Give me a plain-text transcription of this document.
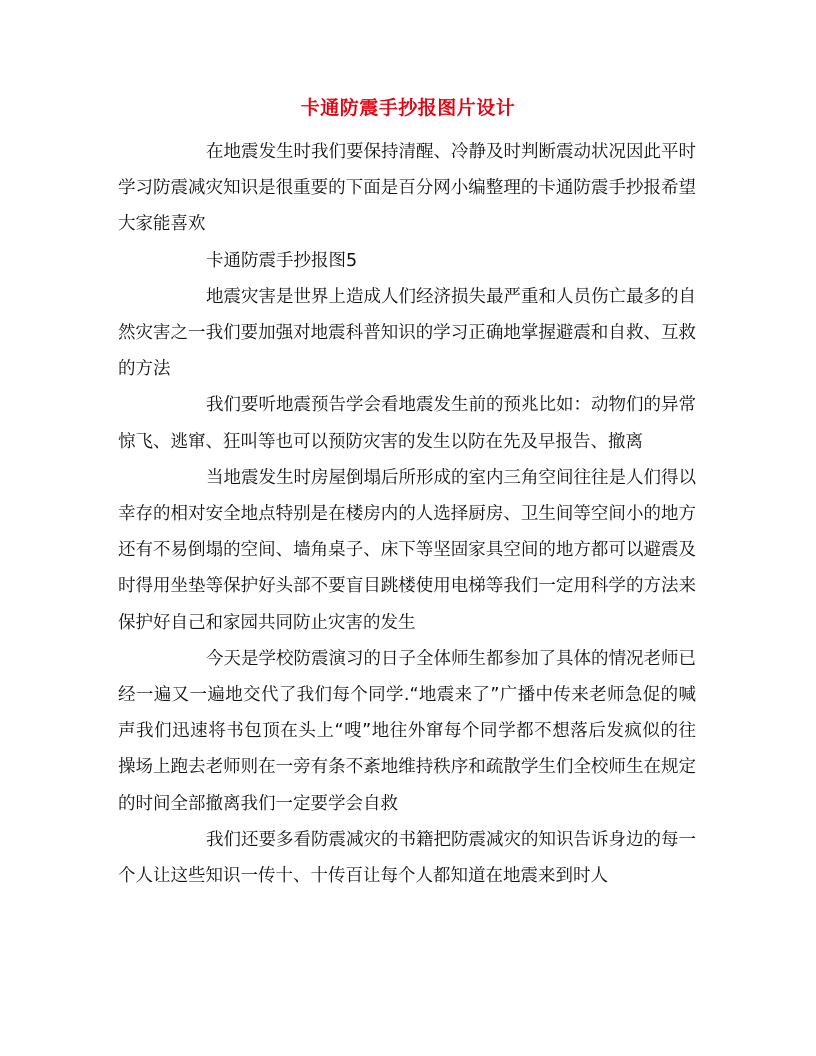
卡通防震手抄报图片设计

在地震发生时我们要保持清醒、冷静及时判断震动状况因此平时学习防震减灾知识是很重要的下面是百分网小编整理的卡通防震手抄报希望大家能喜欢

卡通防震手抄报图5

地震灾害是世界上造成人们经济损失最严重和人员伤亡最多的自然灾害之一我们要加强对地震科普知识的学习正确地掌握避震和自救、互救的方法

我们要听地震预告学会看地震发生前的预兆比如：动物们的异常惊飞、逃窜、狂叫等也可以预防灾害的发生以防在先及早报告、撤离

当地震发生时房屋倒塌后所形成的室内三角空间往往是人们得以幸存的相对安全地点特别是在楼房内的人选择厨房、卫生间等空间小的地方还有不易倒塌的空间、墙角桌子、床下等坚固家具空间的地方都可以避震及时得用坐垫等保护好头部不要盲目跳楼使用电梯等我们一定用科学的方法来保护好自己和家园共同防止灾害的发生

今天是学校防震演习的日子全体师生都参加了具体的情况老师已经一遍又一遍地交代了我们每个同学.“地震来了”广播中传来老师急促的喊声我们迅速将书包顶在头上“嗖”地往外窜每个同学都不想落后发疯似的往操场上跑去老师则在一旁有条不紊地维持秩序和疏散学生们全校师生在规定的时间全部撤离我们一定要学会自救

我们还要多看防震减灾的书籍把防震减灾的知识告诉身边的每一个人让这些知识一传十、十传百让每个人都知道在地震来到时人
